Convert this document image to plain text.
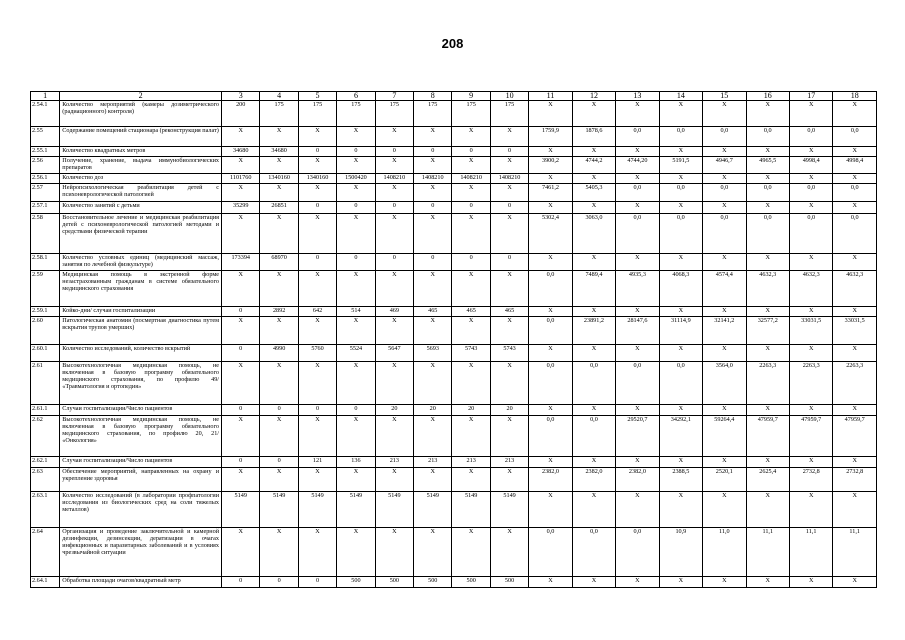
208
1	2	3	4	5	6	7	8	9	10	11	12	13	14	15	16	17	18
2.54.1	Количество мероприятий (камеры дозиметрического (радиационного) контроля)	200	175	175	175	175	175	175	175	X	X	X	X	X	X	X	X
2.55	Содержание помещений стационара (реконструкция палат)	X	X	X	X	X	X	X	X	1759,9	1878,6	0,0	0,0	0,0	0,0	0,0	0,0
2.55.1	Количество квадратных метров	34680	34680	0	0	0	0	0	0	X	X	X	X	X	X	X	X
2.56	Получение, хранение, выдача иммунобиологических препаратов	X	X	X	X	X	X	X	X	3900,2	4744,2	4744,20	5191,5	4946,7	4965,5	4998,4	4998,4
2.56.1	Количество доз	1101760	1340160	1340160	1500420	1408210	1408210	1408210	1408210	X	X	X	X	X	X	X	X
2.57	Нейропсихологическая реабилитация детей с психоневрологической патологией	X	X	X	X	X	X	X	X	7461,2	5405,3	0,0	0,0	0,0	0,0	0,0	0,0
2.57.1	Количество занятий с детьми	35299	26851	0	0	0	0	0	0	X	X	X	X	X	X	X	X
2.58	Восстановительное лечение и медицинская реабилитация детей с психоневрологической патологией методами и средствами физической терапии	X	X	X	X	X	X	X	X	5302,4	3063,0	0,0	0,0	0,0	0,0	0,0	0,0
2.58.1	Количество условных единиц (медицинский массаж, занятия по лечебной физкультуре)	173394	68970	0	0	0	0	0	0	X	X	X	X	X	X	X	X
2.59	Медицинская помощь в экстренной форме незастрахованным гражданам в системе обязательного медицинского страхования	X	X	X	X	X	X	X	X	0,0	7489,4	4935,3	4068,3	4574,4	4632,3	4632,3	4632,3
2.59.1	Койко-дни/ случаи госпитализации	0	2892	642	514	469	465	465	465	X	X	X	X	X	X	X	X
2.60	Патологическая анатомия (посмертная диагностика путем вскрытия трупов умерших)	X	X	X	X	X	X	X	X	0,0	23891,2	28147,6	31114,9	32141,2	32577,2	33031,5	33031,5
2.60.1	Количество исследований, количество вскрытий	0	4990	5760	5524	5647	5693	5743	5743	X	X	X	X	X	X	X	X
2.61	Высокотехнологичная медицинская помощь, не включенная в базовую программу обязательного медицинского страхования, по профилю 49/ «Травматология и ортопедия»	X	X	X	X	X	X	X	X	0,0	0,0	0,0	0,0	3564,0	2263,3	2263,3	2263,3
2.61.1	Случаи госпитализации/Число пациентов	0	0	0	0	20	20	20	20	X	X	X	X	X	X	X	X
2.62	Высокотехнологичная медицинская помощь, не включенная в базовую программу обязательного медицинского страхования, по профилю 20, 21/ «Онкология»	X	X	X	X	X	X	X	X	0,0	0,0	29520,7	34292,1	59264,4	47959,7	47959,7	47959,7
2.62.1	Случаи госпитализации/Число пациентов	0	0	121	136	213	213	213	213	X	X	X	X	X	X	X	X
2.63	Обеспечение мероприятий, направленных на охрану и укрепление здоровья	X	X	X	X	X	X	X	X	2382,0	2382,0	2382,0	2388,5	2520,1	2625,4	2732,8	2732,8
2.63.1	Количество исследований (в лаборатории профпатологии исследования из биологических сред на соли тяжелых металлов)	5149	5149	5149	5149	5149	5149	5149	5149	X	X	X	X	X	X	X	X
2.64	Организация и проведение заключительной и камерной дезинфекции, дезинсекции, дератизации в очагах инфекционных и паразитарных заболеваний и в условиях чрезвычайной ситуации	X	X	X	X	X	X	X	X	0,0	0,0	0,0	10,9	11,0	11,1	11,1	11,1
2.64.1	Обработка площади очагов/квадратный метр	0	0	0	500	500	500	500	500	X	X	X	X	X	X	X	X
